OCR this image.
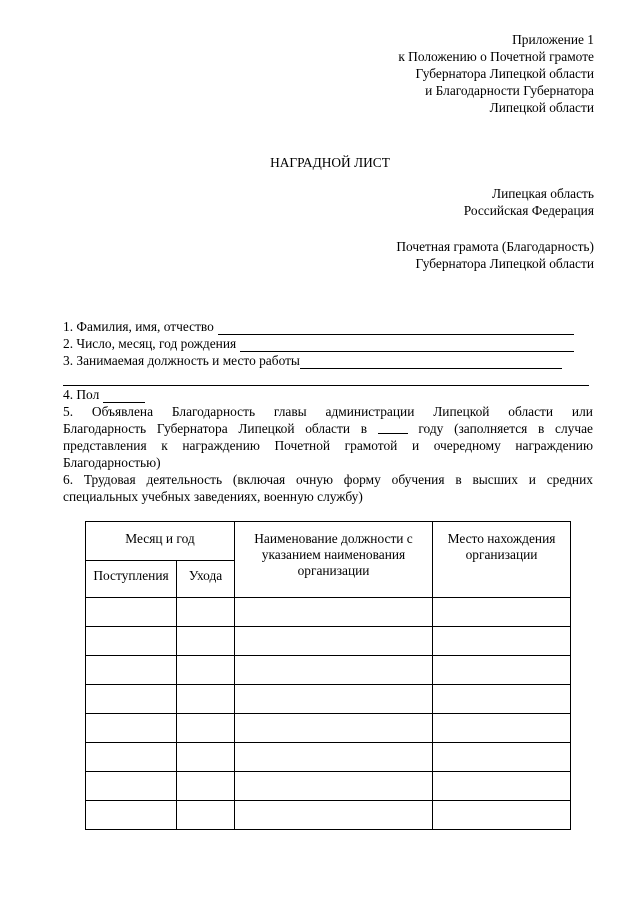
Приложение 1
к Положению о Почетной грамоте
Губернатора Липецкой области
и Благодарности Губернатора
Липецкой области
НАГРАДНОЙ ЛИСТ
Липецкая область
Российская Федерация
Почетная грамота (Благодарность)
Губернатора Липецкой области
1. Фамилия, имя, отчество
2. Число, месяц, год рождения
3. Занимаемая должность и место работы
4. Пол
5. Объявлена Благодарность главы администрации Липецкой области или
Благодарность Губернатора Липецкой области в	году (заполняется в случае
представления к награждению Почетной грамотой и очередному награждению
Благодарностью)
6. Трудовая деятельность (включая очную форму обучения в высших и средних
специальных учебных заведениях, военную службу)
Месяц и год		Наименование должности с указанием наименования организации	Место нахождения организации
Поступления	Ухода		
